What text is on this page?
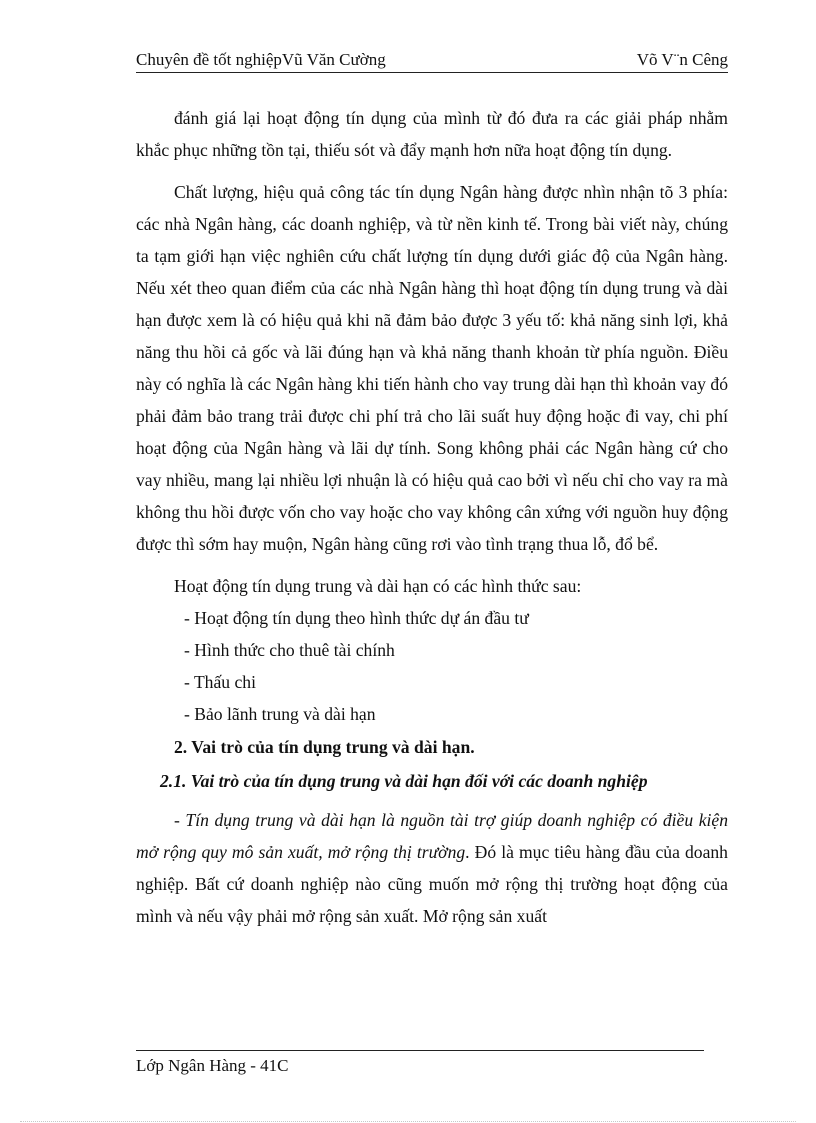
Chuyên đề tốt nghiệpVũ Văn Cường	Võ V¨n Cêng

đánh giá lại hoạt động tín dụng của mình từ đó đưa ra các giải pháp nhằm khắc phục những tồn tại, thiếu sót và đẩy mạnh hơn nữa hoạt động tín dụng.

Chất lượng, hiệu quả công tác tín dụng Ngân hàng được nhìn nhận tõ 3 phía: các nhà Ngân hàng, các doanh nghiệp, và từ nền kinh tế. Trong bài viết này, chúng ta tạm giới hạn việc nghiên cứu chất lượng tín dụng dưới giác độ của Ngân hàng. Nếu xét theo quan điểm của các nhà Ngân hàng thì hoạt động tín dụng trung và dài hạn được xem là có hiệu quả khi nã đảm bảo được 3 yếu tố: khả năng sinh lợi, khả năng thu hồi cả gốc và lãi đúng hạn và khả năng thanh khoản từ phía nguồn. Điều này có nghĩa là các Ngân hàng khi tiến hành cho vay trung dài hạn thì khoản vay đó phải đảm bảo trang trải được chi phí trả cho lãi suất huy động hoặc đi vay, chi phí hoạt động của Ngân hàng và lãi dự tính. Song không phải các Ngân hàng cứ cho vay nhiều, mang lại nhiều lợi nhuận là có hiệu quả cao bởi vì nếu chỉ cho vay ra mà không thu hồi được vốn cho vay hoặc cho vay không cân xứng với nguồn huy động được thì sớm hay muộn, Ngân hàng cũng rơi vào tình trạng thua lỗ, đổ bể.

Hoạt động tín dụng trung và dài hạn có các hình thức sau:

- Hoạt động tín dụng theo hình thức dự án đầu tư

- Hình thức cho thuê tài chính

- Thấu chi

- Bảo lãnh trung và dài hạn

2. Vai trò của tín dụng trung và dài hạn.

2.1. Vai trò của tín dụng trung và dài hạn đối với các doanh nghiệp

- Tín dụng trung và dài hạn là nguồn tài trợ giúp doanh nghiệp có điều kiện mở rộng quy mô sản xuất, mở rộng thị trường. Đó là mục tiêu hàng đầu của doanh nghiệp. Bất cứ doanh nghiệp nào cũng muốn mở rộng thị trường hoạt động của mình và nếu vậy phải mở rộng sản xuất. Mở rộng sản xuất

Lớp Ngân Hàng - 41C
